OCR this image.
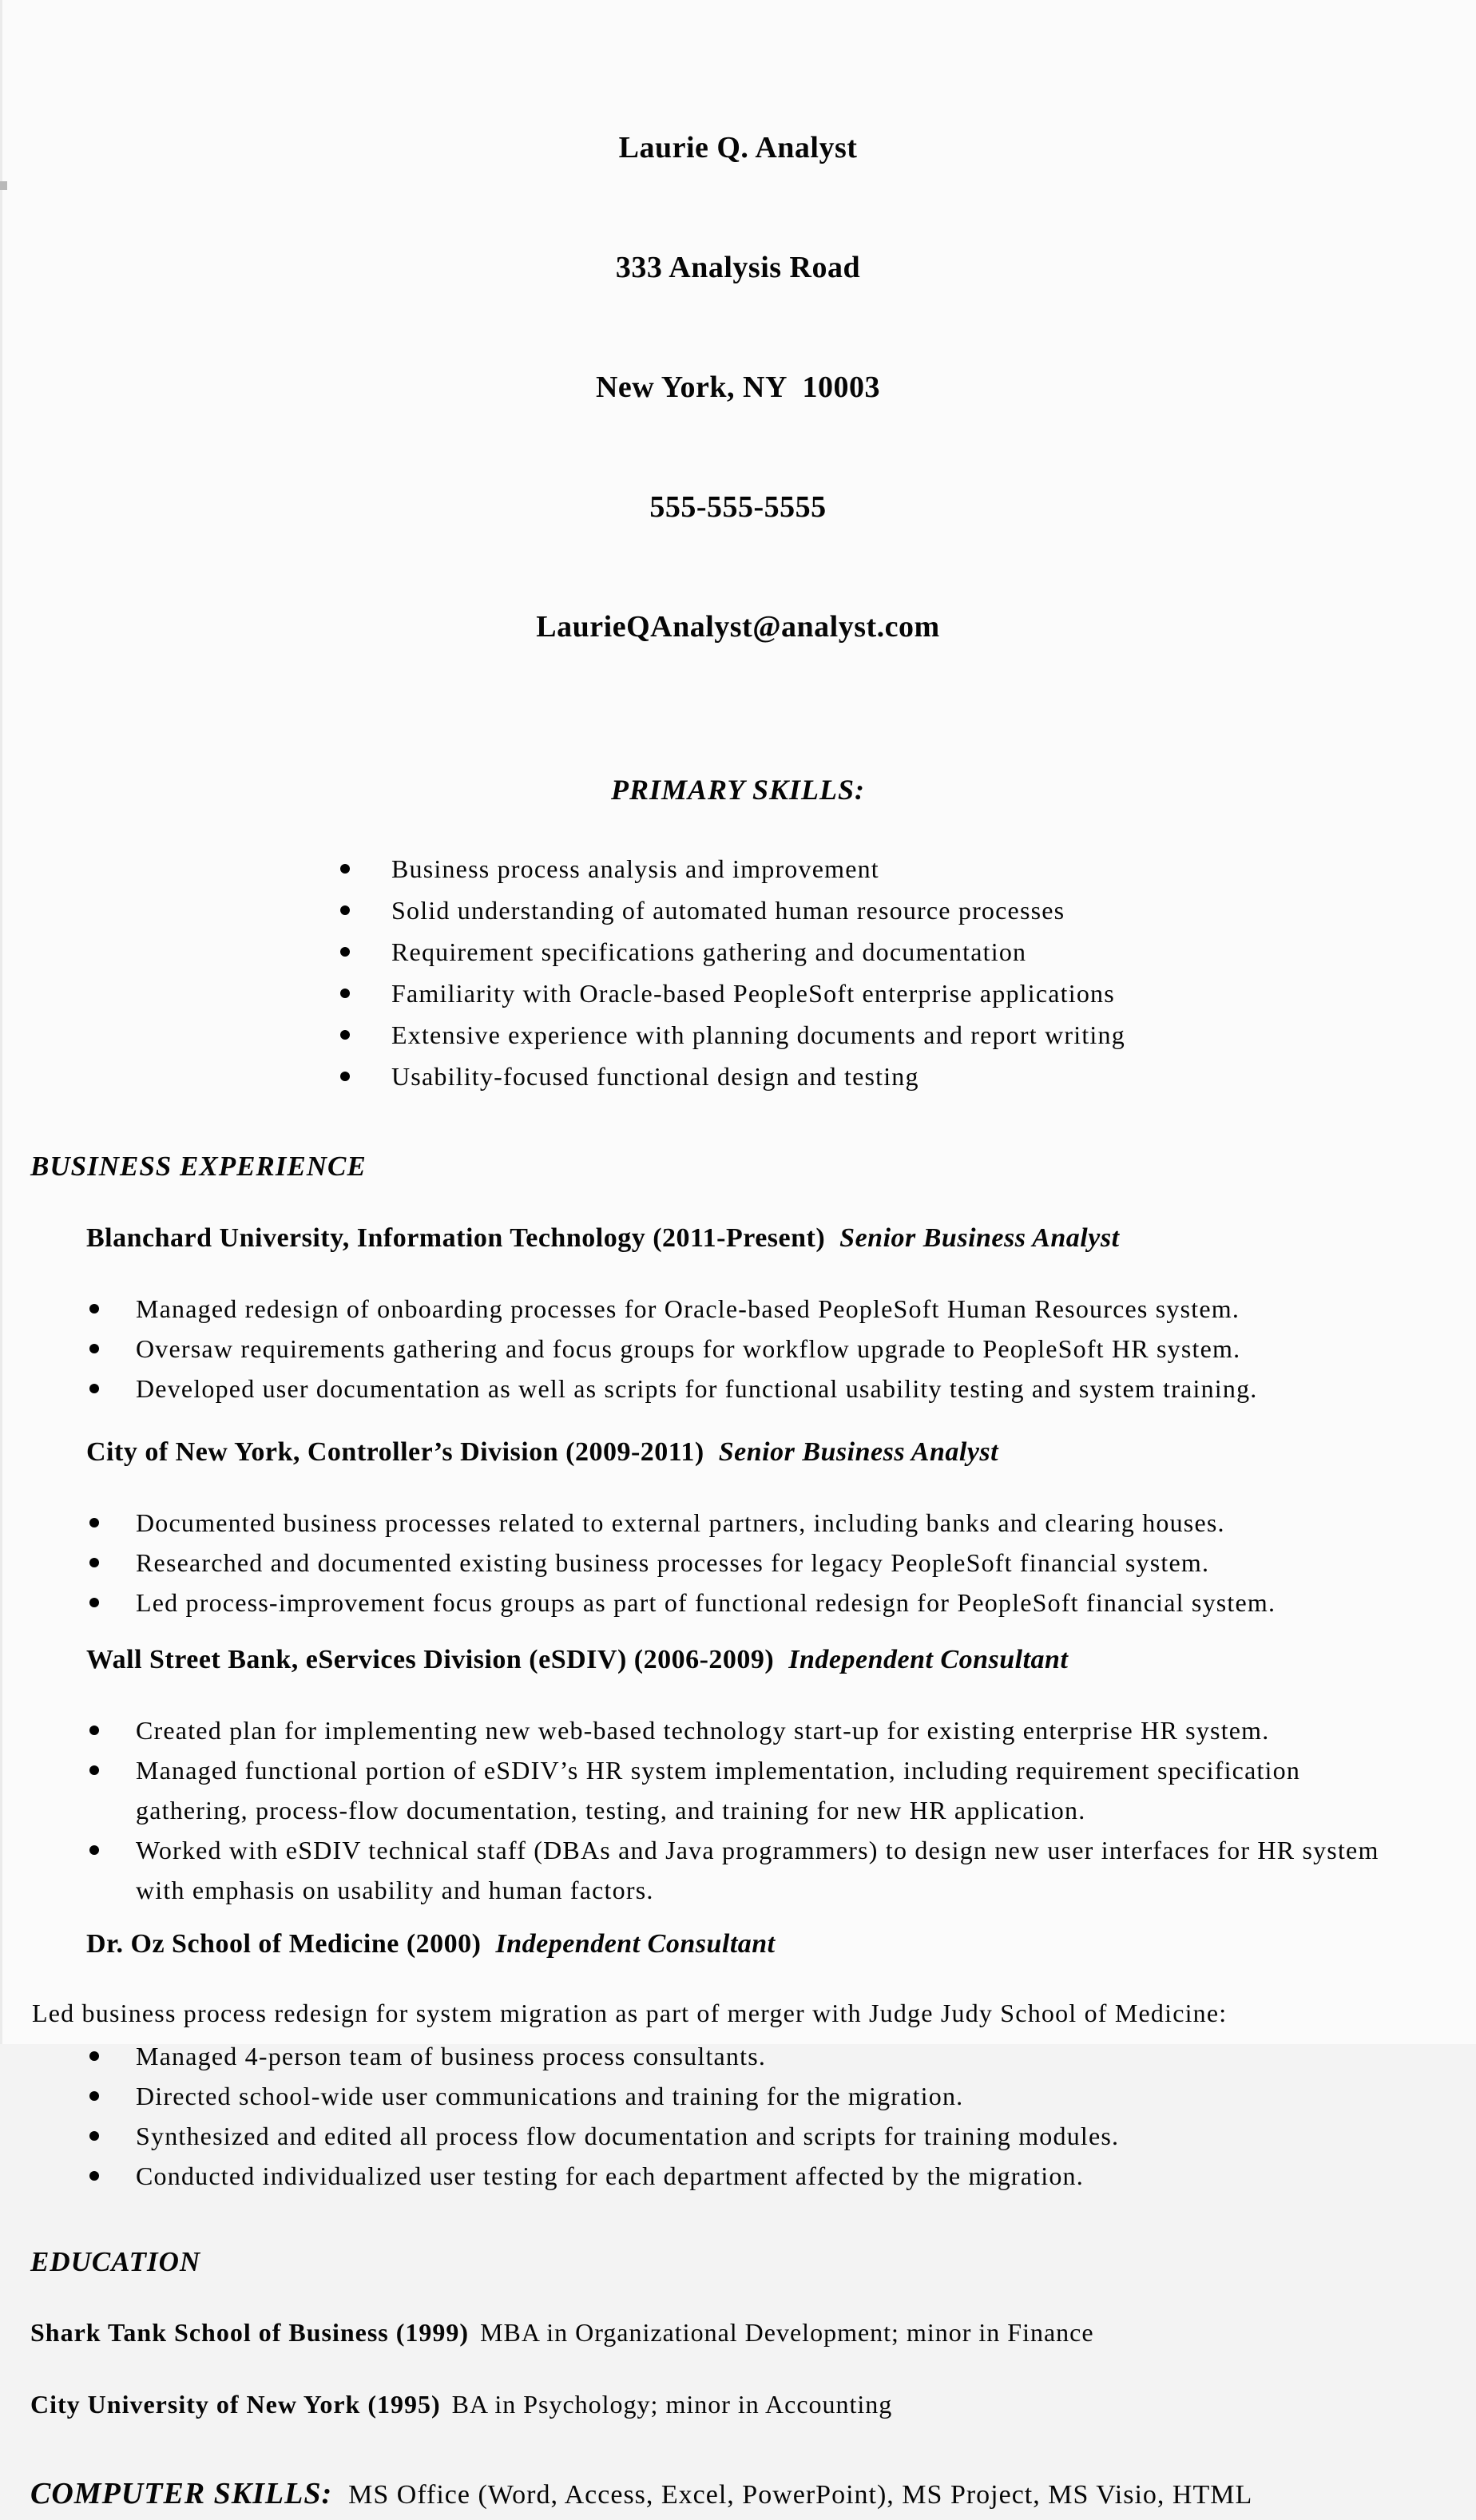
Laurie Q. Analyst

333 Analysis Road

New York, NY  10003

555-555-5555

LaurieQAnalyst@analyst.com

PRIMARY SKILLS:
Business process analysis and improvement
Solid understanding of automated human resource processes
Requirement specifications gathering and documentation
Familiarity with Oracle-based PeopleSoft enterprise applications
Extensive experience with planning documents and report writing
Usability-focused functional design and testing
BUSINESS EXPERIENCE
Blanchard University, Information Technology (2011-Present) Senior Business Analyst
Managed redesign of onboarding processes for Oracle-based PeopleSoft Human Resources system.
Oversaw requirements gathering and focus groups for workflow upgrade to PeopleSoft HR system.
Developed user documentation as well as scripts for functional usability testing and system training.
City of New York, Controller’s Division (2009-2011) Senior Business Analyst
Documented business processes related to external partners, including banks and clearing houses.
Researched and documented existing business processes for legacy PeopleSoft financial system.
Led process-improvement focus groups as part of functional redesign for PeopleSoft financial system.
Wall Street Bank, eServices Division (eSDIV) (2006-2009) Independent Consultant
Created plan for implementing new web-based technology start-up for existing enterprise HR system.
Managed functional portion of eSDIV’s HR system implementation, including requirement specification gathering, process-flow documentation, testing, and training for new HR application.
Worked with eSDIV technical staff (DBAs and Java programmers) to design new user interfaces for HR system with emphasis on usability and human factors.
Dr. Oz School of Medicine (2000) Independent Consultant

Led business process redesign for system migration as part of merger with Judge Judy School of Medicine:

Managed 4-person team of business process consultants.
Directed school-wide user communications and training for the migration.
Synthesized and edited all process flow documentation and scripts for training modules.
Conducted individualized user testing for each department affected by the migration.
EDUCATION

Shark Tank School of Business (1999) MBA in Organizational Development; minor in Finance

City University of New York (1995) BA in Psychology; minor in Accounting

COMPUTER SKILLS: MS Office (Word, Access, Excel, PowerPoint), MS Project, MS Visio, HTML
